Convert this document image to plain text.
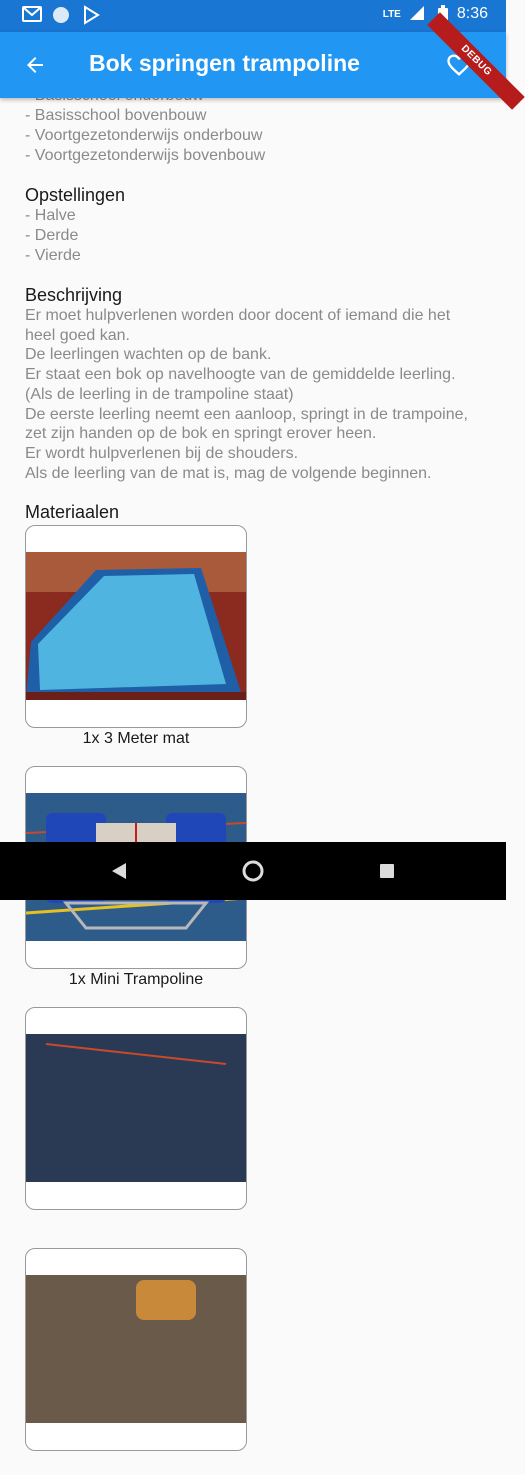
LTE	8:36
Bok springen trampoline	DEBUG
- Basisschool bovenbouw
- Voortgezetonderwijs onderbouw
- Voortgezetonderwijs bovenbouw
Opstellingen
- Halve
- Derde
- Vierde
Beschrijving
Er moet hulpverlenen worden door docent of iemand die het heel goed kan.
De leerlingen wachten op de bank.
Er staat een bok op navelhoogte van de gemiddelde leerling. (Als de leerling in de trampoline staat)
De eerste leerling neemt een aanloop, springt in de trampoine, zet zijn handen op de bok en springt erover heen.
Er wordt hulpverlenen bij de shouders.
Als de leerling van de mat is, mag de volgende beginnen.
Materiaalen
1x 3 Meter mat
1x Mini Trampoline
